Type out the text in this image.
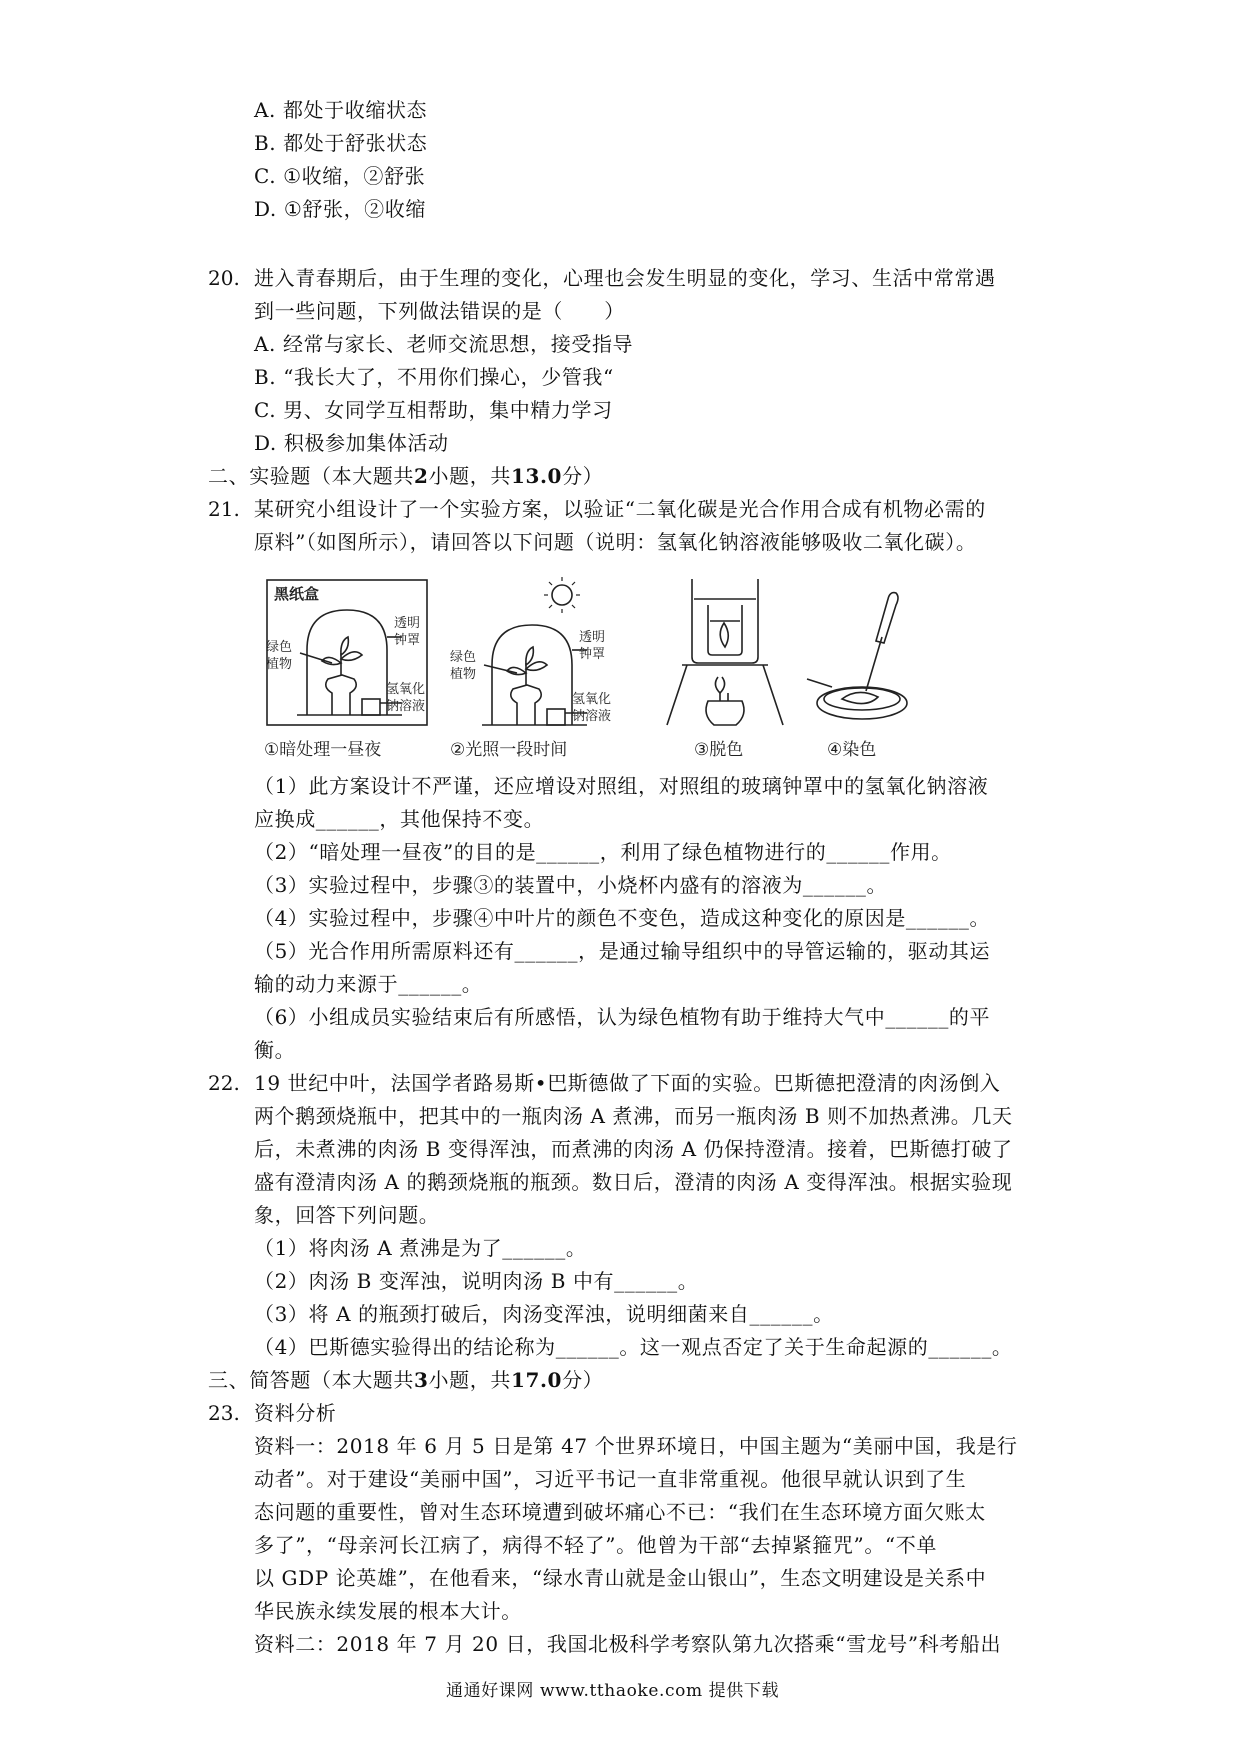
A. 都处于收缩状态
B. 都处于舒张状态
C. ①收缩，②舒张
D. ①舒张，②收缩
20. 进入青春期后，由于生理的变化，心理也会发生明显的变化，学习、生活中常常遇
到一些问题，下列做法错误的是（　　）
A. 经常与家长、老师交流思想，接受指导
B. “我长大了，不用你们操心，少管我“
C. 男、女同学互相帮助，集中精力学习
D. 积极参加集体活动
二、实验题（本大题共2小题，共13.0分）
21. 某研究小组设计了一个实验方案，以验证“二氧化碳是光合作用合成有机物必需的
原料”（如图所示），请回答以下问题（说明：氢氧化钠溶液能够吸收二氧化碳）。
黑纸盒
绿色
植物
透明
钟罩
氢氧化
钠溶液
①暗处理一昼夜
绿色
植物
透明
钟罩
氢氧化
钠溶液
②光照一段时间	③脱色	④染色
（1）此方案设计不严谨，还应增设对照组，对照组的玻璃钟罩中的氢氧化钠溶液
应换成______，其他保持不变。
（2）“暗处理一昼夜”的目的是______，利用了绿色植物进行的______作用。
（3）实验过程中，步骤③的装置中，小烧杯内盛有的溶液为______。
（4）实验过程中，步骤④中叶片的颜色不变色，造成这种变化的原因是______。
（5）光合作用所需原料还有______，是通过输导组织中的导管运输的，驱动其运
输的动力来源于______。
（6）小组成员实验结束后有所感悟，认为绿色植物有助于维持大气中______的平
衡。
22. 19 世纪中叶，法国学者路易斯•巴斯德做了下面的实验。巴斯德把澄清的肉汤倒入
两个鹅颈烧瓶中，把其中的一瓶肉汤 A 煮沸，而另一瓶肉汤 B 则不加热煮沸。几天
后，未煮沸的肉汤 B 变得浑浊，而煮沸的肉汤 A 仍保持澄清。接着，巴斯德打破了
盛有澄清肉汤 A 的鹅颈烧瓶的瓶颈。数日后，澄清的肉汤 A 变得浑浊。根据实验现
象，回答下列问题。
（1）将肉汤 A 煮沸是为了______。
（2）肉汤 B 变浑浊，说明肉汤 B 中有______。
（3）将 A 的瓶颈打破后，肉汤变浑浊，说明细菌来自______。
（4）巴斯德实验得出的结论称为______。这一观点否定了关于生命起源的______。
三、简答题（本大题共3小题，共17.0分）
23. 资料分析
资料一：2018 年 6 月 5 日是第 47 个世界环境日，中国主题为“美丽中国，我是行
动者”。对于建设“美丽中国”，习近平书记一直非常重视。他很早就认识到了生
态问题的重要性，曾对生态环境遭到破坏痛心不已：“我们在生态环境方面欠账太
多了”，“母亲河长江病了，病得不轻了”。他曾为干部“去掉紧箍咒”。“不单
以 GDP 论英雄”，在他看来，“绿水青山就是金山银山”，生态文明建设是关系中
华民族永续发展的根本大计。
资料二：2018 年 7 月 20 日，我国北极科学考察队第九次搭乘“雪龙号”科考船出
通通好课网 www.tthaoke.com 提供下载
